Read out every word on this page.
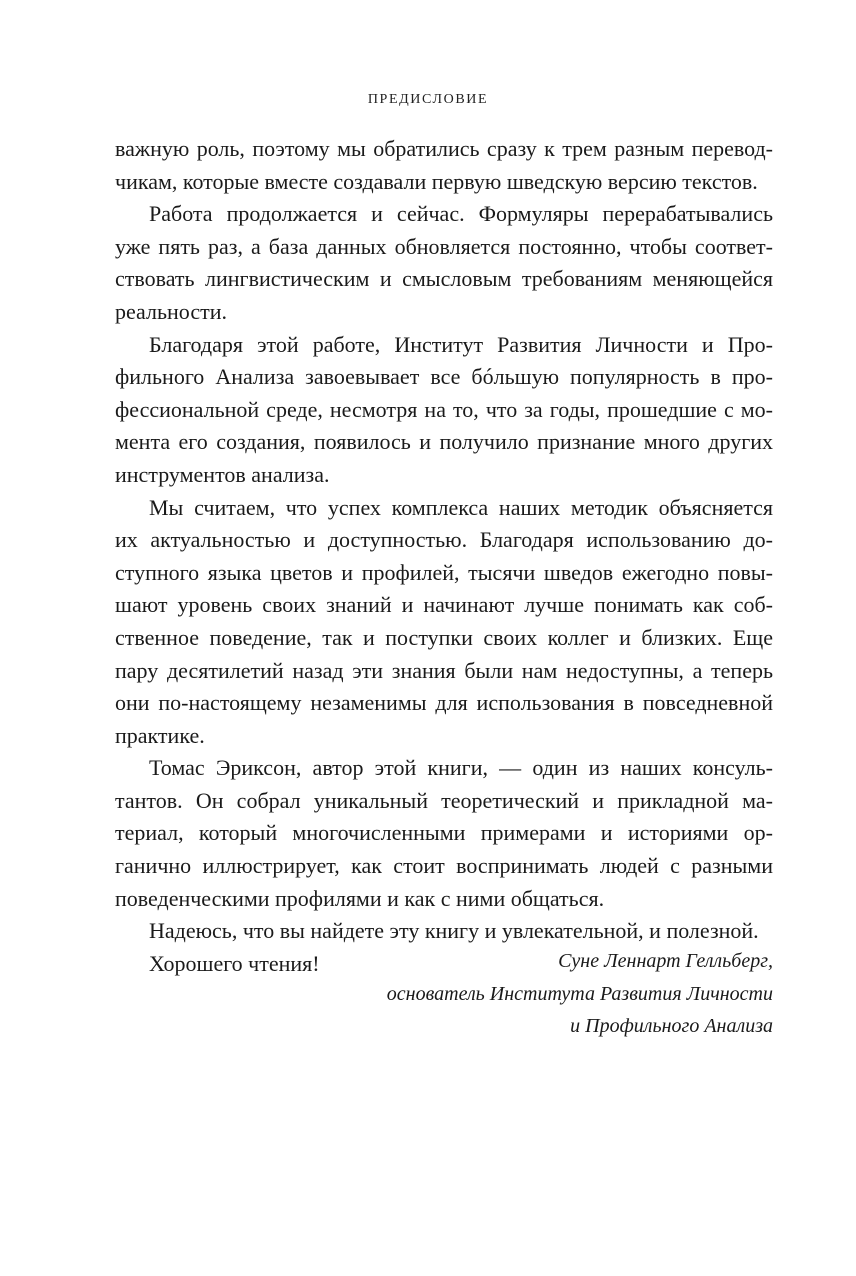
ПРЕДИСЛОВИЕ
важную роль, поэтому мы обратились сразу к трем разным перевод-
чикам, которые вместе создавали первую шведскую версию текстов.
Работа продолжается и сейчас. Формуляры перерабатывались
уже пять раз, а база данных обновляется постоянно, чтобы соответ-
ствовать лингвистическим и смысловым требованиям меняющейся
реальности.
Благодаря этой работе, Институт Развития Личности и Про-
фильного Анализа завоевывает все бóльшую популярность в про-
фессиональной среде, несмотря на то, что за годы, прошедшие с мо-
мента его создания, появилось и получило признание много других
инструментов анализа.
Мы считаем, что успех комплекса наших методик объясняется
их актуальностью и доступностью. Благодаря использованию до-
ступного языка цветов и профилей, тысячи шведов ежегодно повы-
шают уровень своих знаний и начинают лучше понимать как соб-
ственное поведение, так и поступки своих коллег и близких. Еще
пару десятилетий назад эти знания были нам недоступны, а теперь
они по-настоящему незаменимы для использования в повседневной
практике.
Томас Эриксон, автор этой книги, — один из наших консуль-
тантов. Он собрал уникальный теоретический и прикладной ма-
териал, который многочисленными примерами и историями ор-
ганично иллюстрирует, как стоит воспринимать людей с разными
поведенческими профилями и как с ними общаться.
Надеюсь, что вы найдете эту книгу и увлекательной, и полезной.
Хорошего чтения!	Суне Леннарт Гелльберг,
основатель Института Развития Личности
и Профильного Анализа
